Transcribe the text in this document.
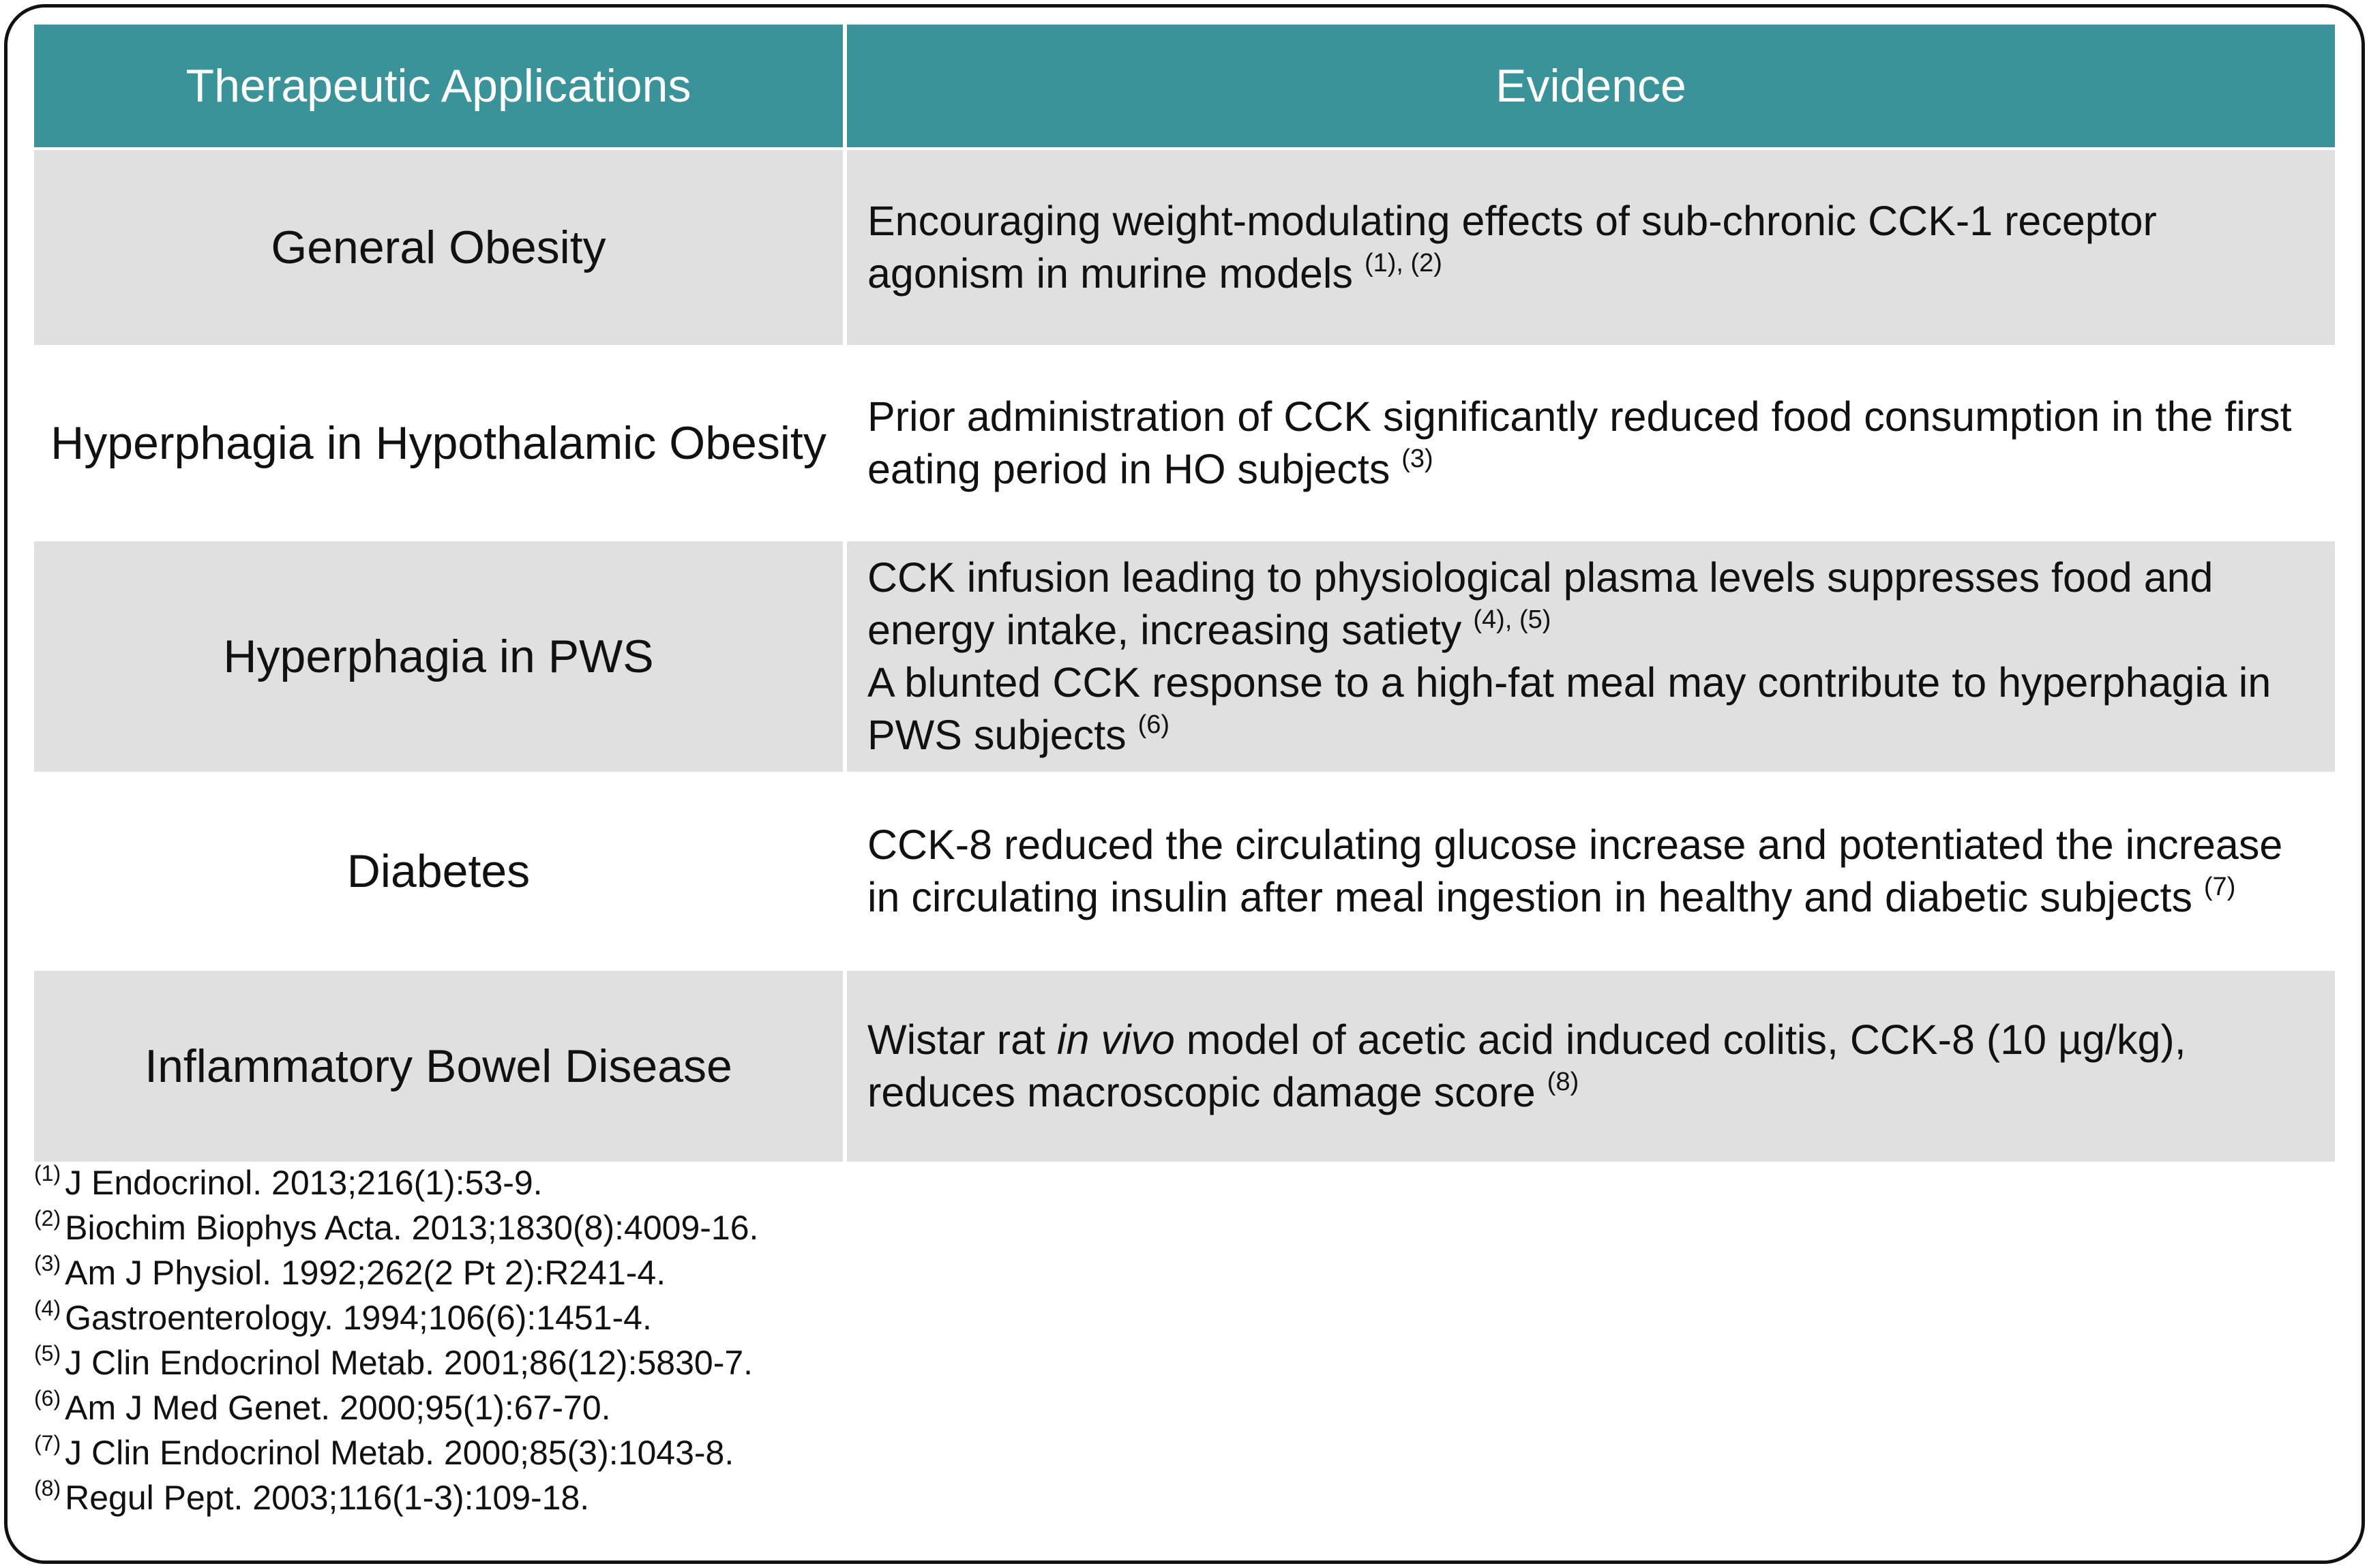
Therapeutic Applications	Evidence
General Obesity
Encouraging weight-modulating effects of sub-chronic CCK-1 receptor agonism in murine models $^{(1), (2)}$
Hyperphagia in Hypothalamic Obesity
Prior administration of CCK significantly reduced food consumption in the first eating period in HO subjects $^{(3)}$
Hyperphagia in PWS
CCK infusion leading to physiological plasma levels suppresses food and energy intake, increasing satiety $^{(4), (5)}$
A blunted CCK response to a high-fat meal may contribute to hyperphagia in PWS subjects $^{(6)}$
Diabetes
CCK-8 reduced the circulating glucose increase and potentiated the increase in circulating insulin after meal ingestion in healthy and diabetic subjects $^{(7)}$
Inflammatory Bowel Disease
Wistar rat in vivo model of acetic acid induced colitis, CCK-8 (10 µg/kg), reduces macroscopic damage score $^{(8)}$
$^{(1)}$ J Endocrinol. 2013;216(1):53-9.
$^{(2)}$ Biochim Biophys Acta. 2013;1830(8):4009-16.
$^{(3)}$ Am J Physiol. 1992;262(2 Pt 2):R241-4.
$^{(4)}$ Gastroenterology. 1994;106(6):1451-4.
$^{(5)}$ J Clin Endocrinol Metab. 2001;86(12):5830-7.
$^{(6)}$ Am J Med Genet. 2000;95(1):67-70.
$^{(7)}$ J Clin Endocrinol Metab. 2000;85(3):1043-8.
$^{(8)}$ Regul Pept. 2003;116(1-3):109-18.
